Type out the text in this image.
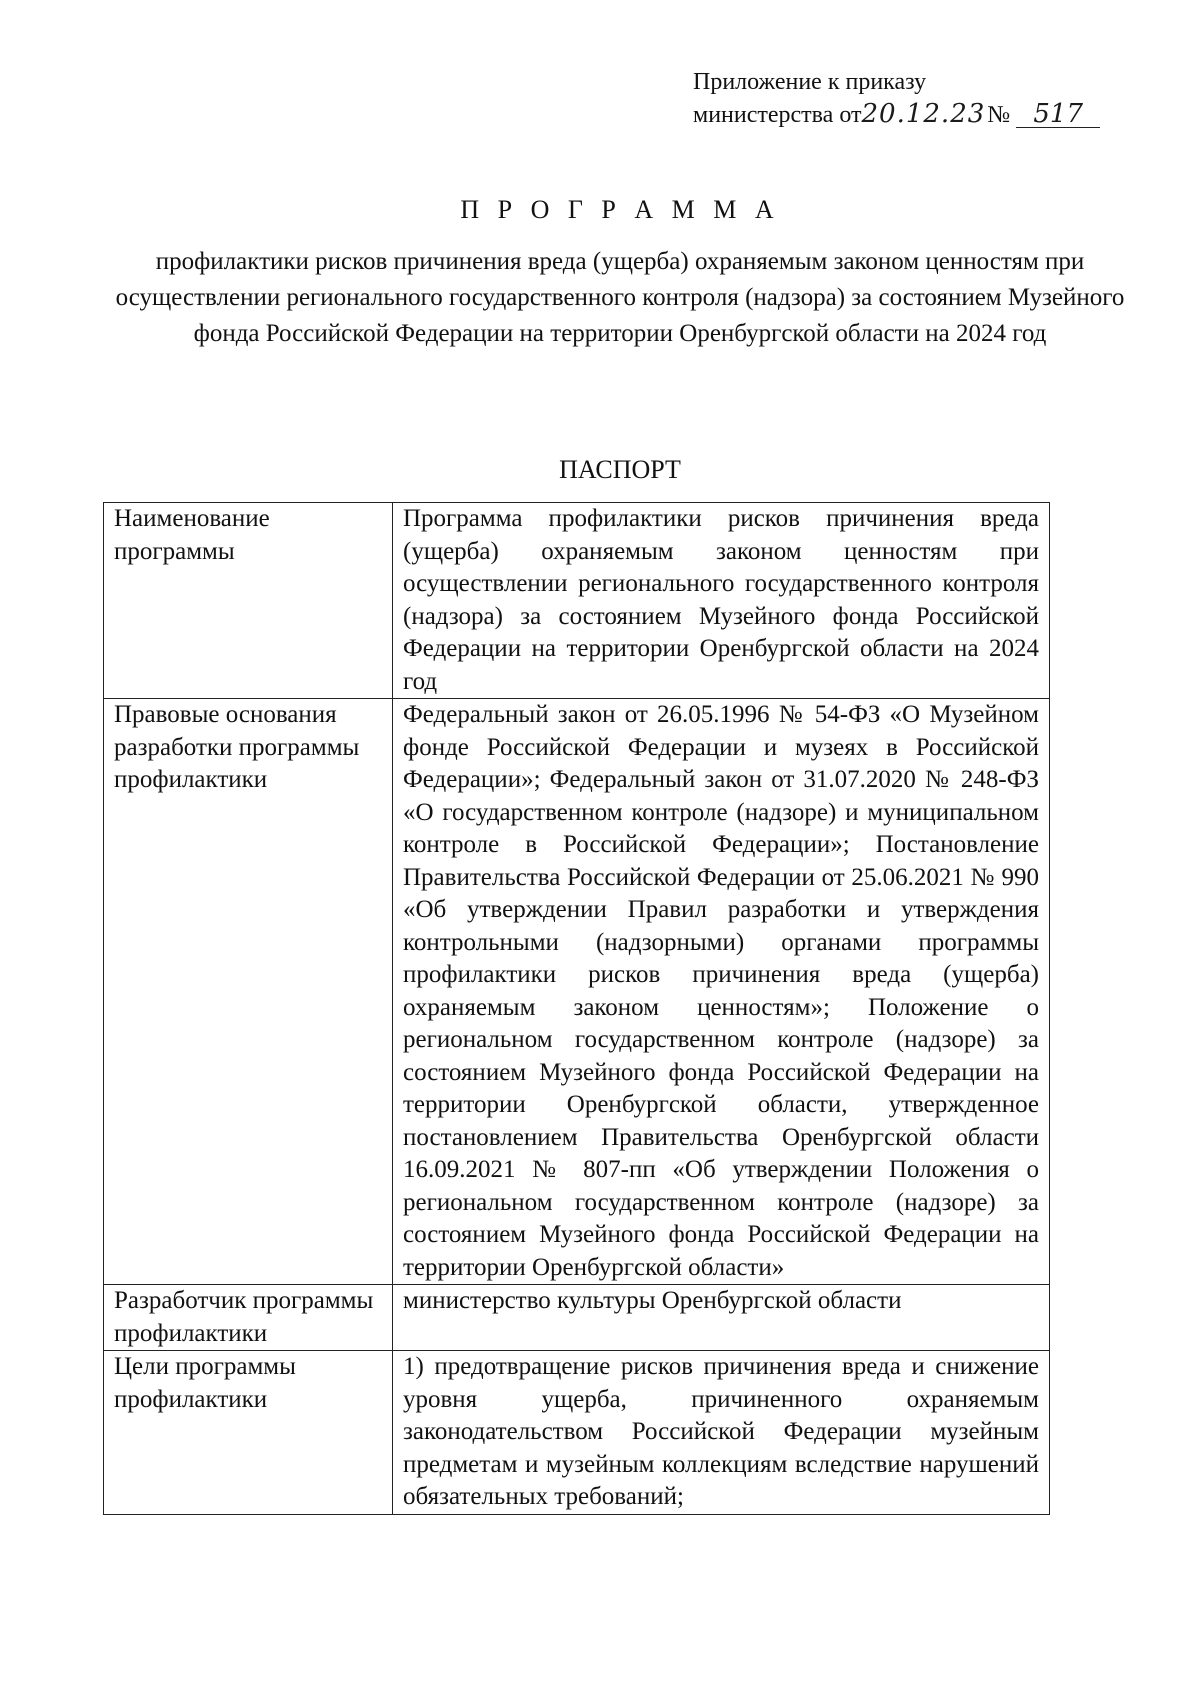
Приложение к приказу
министерства от20.12.23№ 517
П Р О Г Р А М М А
профилактики рисков причинения вреда (ущерба) охраняемым законом ценностям при осуществлении регионального государственного контроля (надзора) за состоянием Музейного фонда Российской Федерации на территории Оренбургской области на 2024 год
ПАСПОРТ
Наименование программы	Программа профилактики рисков причинения вреда (ущерба) охраняемым законом ценностям при осуществлении регионального государственного контроля (надзора) за состоянием Музейного фонда Российской Федерации на территории Оренбургской области на 2024 год
Правовые основания разработки программы профилактики	Федеральный закон от 26.05.1996 № 54-ФЗ «О Музейном фонде Российской Федерации и музеях в Российской Федерации»; Федеральный закон от 31.07.2020 № 248-ФЗ «О государственном контроле (надзоре) и муниципальном контроле в Российской Федерации»; Постановление Правительства Российской Федерации от 25.06.2021 № 990 «Об утверждении Правил разработки и утверждения контрольными (надзорными) органами программы профилактики рисков причинения вреда (ущерба) охраняемым законом ценностям»; Положение о региональном государственном контроле (надзоре) за состоянием Музейного фонда Российской Федерации на территории Оренбургской области, утвержденное постановлением Правительства Оренбургской области 16.09.2021 № 807-пп «Об утверждении Положения о региональном государственном контроле (надзоре) за состоянием Музейного фонда Российской Федерации на территории Оренбургской области»
Разработчик программы профилактики	министерство культуры Оренбургской области
Цели программы профилактики	1) предотвращение рисков причинения вреда и снижение уровня ущерба, причиненного охраняемым законодательством Российской Федерации музейным предметам и музейным коллекциям вследствие нарушений обязательных требований;
